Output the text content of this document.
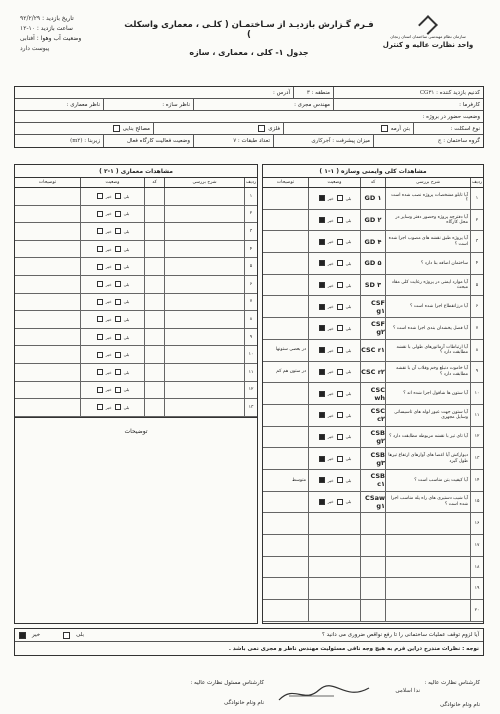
سازمان نظام مهندسی ساختمان استان زنجان
واحد نظارت عالیه و کنترل
فـرم گـزارش بازدیـد از سـاختمـان ( کلـی ، معماری واسکلت )
جدول ۱- کلی ، معماری ، سازه
تاریخ بازدید : ۹۲/۲/۲۹
ساعت بازدید : ۱۰-۱۲
وضعیت آب وهوا : آفتابی
پیوست دارد
کدنیم بازدید کننده :

CG۳۱
منطقه :

۳
آدرس :
کارفرما :
مهندس مجری :
ناظر سازه :
ناظر معماری :
وضعیت حضور در بروژه :
نوع اسکلت :
بتن آرمه
فلزی
مصالح بنایی
گروه ساختمان :

ج
میزان پیشرفت :

آجرکاری
تعداد طبقات :

۷
وضعیت فعالیت کارگاه فعال
زیربنا :

(m۲)
مشاهدات کلی وایمنی وسازه ( ۱-۱ )
ردیف
شرح بررسی
کد
وضعیت
توضیحات
۱
آیا تابلو مشخصات پروژه نصب شده است ؟
GD ۱
بلی
خیر
۲
آیا دفترچه پروژه وحضور دفتر وسایر در محل کارگاه
GD ۲
بلی
خیر
۳
آیا پروژه طبق نقشه های مصوب اجرا شده است ؟
GD ۴
بلی
خیر
۴
ساختمان اضافه بنا دارد ؟
GD ۵
بلی
خیر
۵
آیا موارد ایمنی در پروژه رعایت کلی مقاد مبحث
SD ۳
بلی
خیر
۶
آیا درزانقطاع اجرا شده است ؟
CSF g۱
بلی
خیر
۷
آیا فصل پخشدان بندی اجرا شده است ؟
CSF g۲
بلی
خیر
۸
آیا ارتباطات آرماتورهای طولی با نقشه مطابقت دارد ؟
CSC r۱
بلی
خیر
در بعضی ستونها
۹
آیا خاموت دنبلع وخم وقلاب آن با نقشه مطابقت دارد ؟
CSC r۲
بلی
خیر
در ستون هم کم
۱۰
آیا ستون ها شاقول اجرا شده اند ؟
CSC wh
بلی
خیر
۱۱
آیا ستون جهت عبور لوله های تاسیساتی وسایل مجهزی
CSC c۲
بلی
خیر
۱۲
آیا تای تیر با نقشه مربوطه مطابقت دارد ؟
CSB g۲
بلی
خیر
۱۳
دیوارکش آیا اعضا های آوارهای ارتفاع تیرها طول گیرد
CSB g۳
بلی
خیر
۱۴
آیا کیفیت بتن مناسب است ؟
CSB c۱
بلی
خیر
متوسط
۱۵
آیا شیب دستیری های راه پله مناسب اجرا شده است ؟
CSaw g۱
بلی
خیر
۱۶
۱۷
۱۸
۱۹
۲۰
مشاهدات معماری ( ۱-۲ )
ردیف
شرح بررسی
کد
وضعیت
توضیحات
۱
بلی
خیر
۲
بلی
خیر
۳
بلی
خیر
۴
بلی
خیر
۵
بلی
خیر
۶
بلی
خیر
۷
بلی
خیر
۸
بلی
خیر
۹
بلی
خیر
۱۰
بلی
خیر
۱۱
بلی
خیر
۱۲
بلی
خیر
۱۳
بلی
خیر
توضیحات
آیا لزوم توقف عملیات ساختمانی را تا رفع نواقص ضروری می دانید ؟
بلی
خیر
نوجه : نظرات مندرج دراین فرم به هیچ وجه نافی مسئولیت مهندس ناظر و مجری نمی باشد .
کارشناس نظارت عالیه :
ندا اسلامی
نام ونام خانوادگی
کارشناس مسئول نظارت عالیه :
نام ونام خانوادگی
